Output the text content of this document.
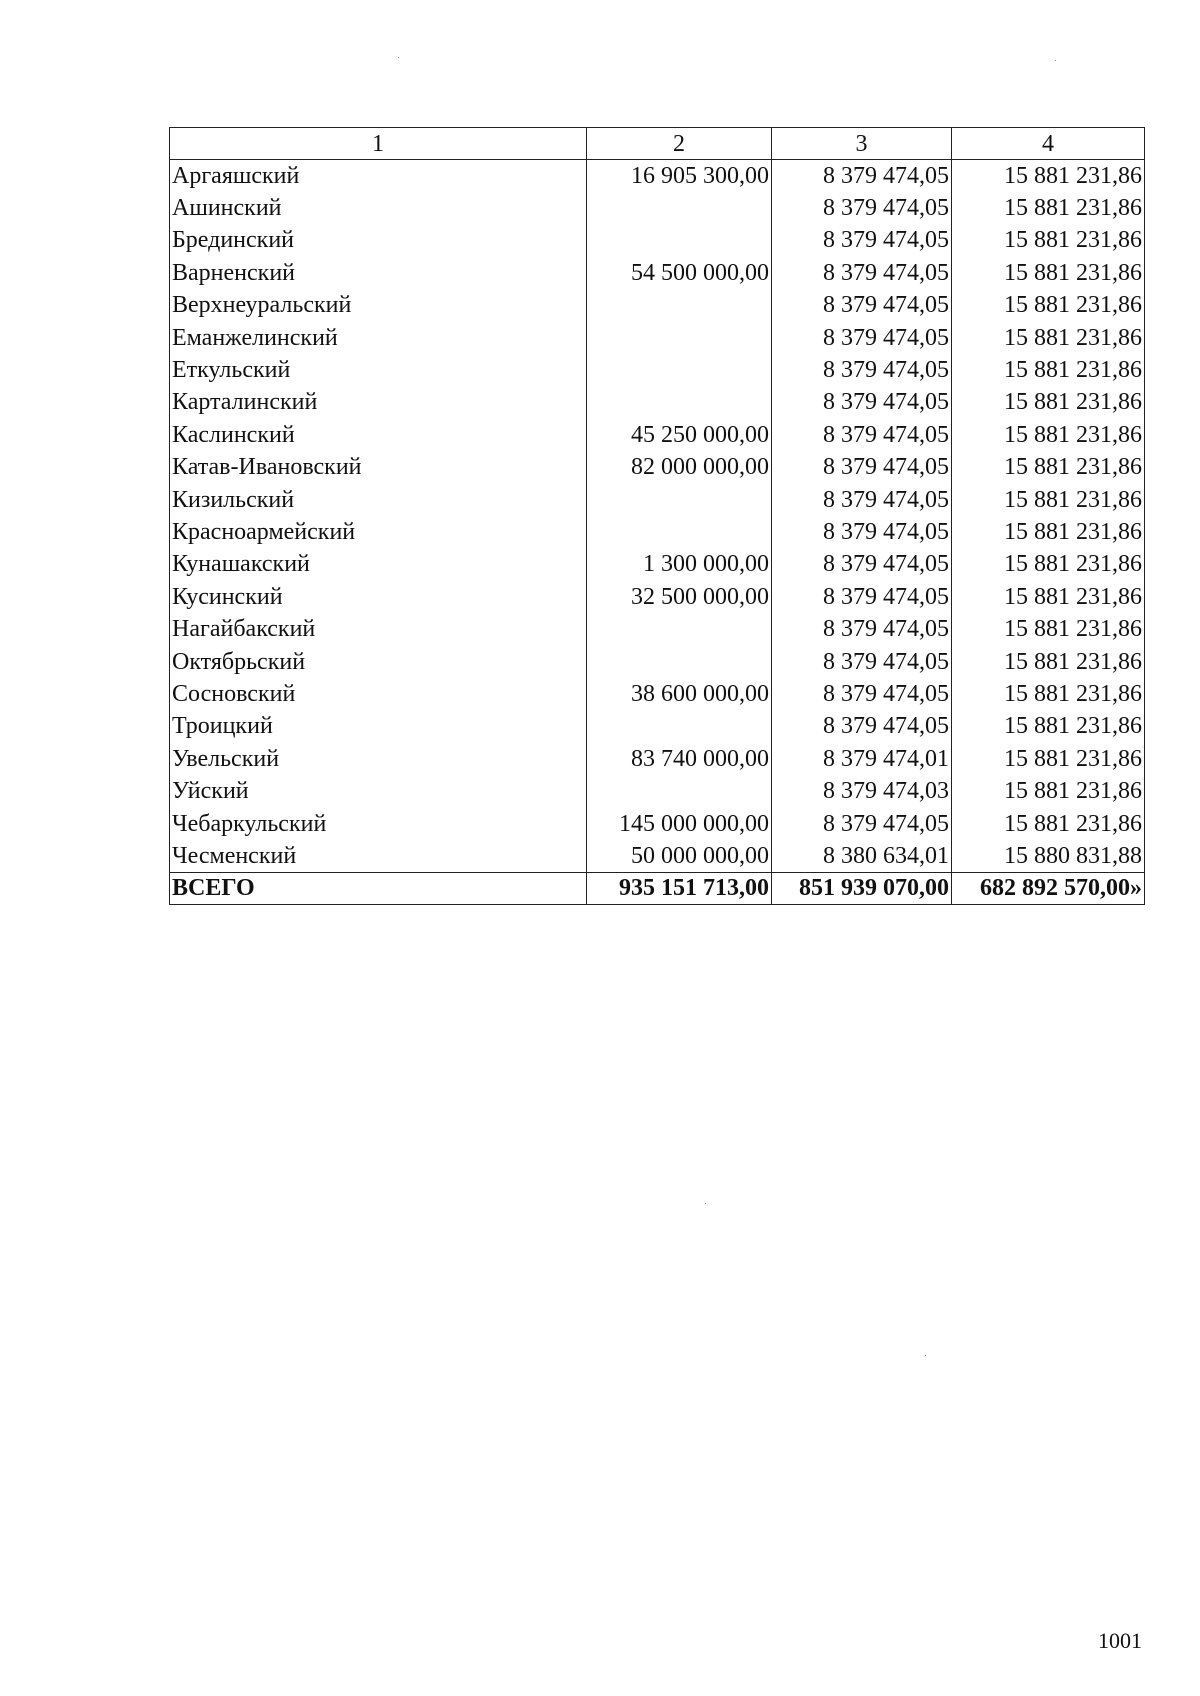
1	2	3	4
Аргаяшский	16 905 300,00	8 379 474,05	15 881 231,86
Ашинский		8 379 474,05	15 881 231,86
Брединский		8 379 474,05	15 881 231,86
Варненский	54 500 000,00	8 379 474,05	15 881 231,86
Верхнеуральский		8 379 474,05	15 881 231,86
Еманжелинский		8 379 474,05	15 881 231,86
Еткульский		8 379 474,05	15 881 231,86
Карталинский		8 379 474,05	15 881 231,86
Каслинский	45 250 000,00	8 379 474,05	15 881 231,86
Катав-Ивановский	82 000 000,00	8 379 474,05	15 881 231,86
Кизильский		8 379 474,05	15 881 231,86
Красноармейский		8 379 474,05	15 881 231,86
Кунашакский	1 300 000,00	8 379 474,05	15 881 231,86
Кусинский	32 500 000,00	8 379 474,05	15 881 231,86
Нагайбакский		8 379 474,05	15 881 231,86
Октябрьский		8 379 474,05	15 881 231,86
Сосновский	38 600 000,00	8 379 474,05	15 881 231,86
Троицкий		8 379 474,05	15 881 231,86
Увельский	83 740 000,00	8 379 474,01	15 881 231,86
Уйский		8 379 474,03	15 881 231,86
Чебаркульский	145 000 000,00	8 379 474,05	15 881 231,86
Чесменский	50 000 000,00	8 380 634,01	15 880 831,88
ВСЕГО	935 151 713,00	851 939 070,00	682 892 570,00»
1001
